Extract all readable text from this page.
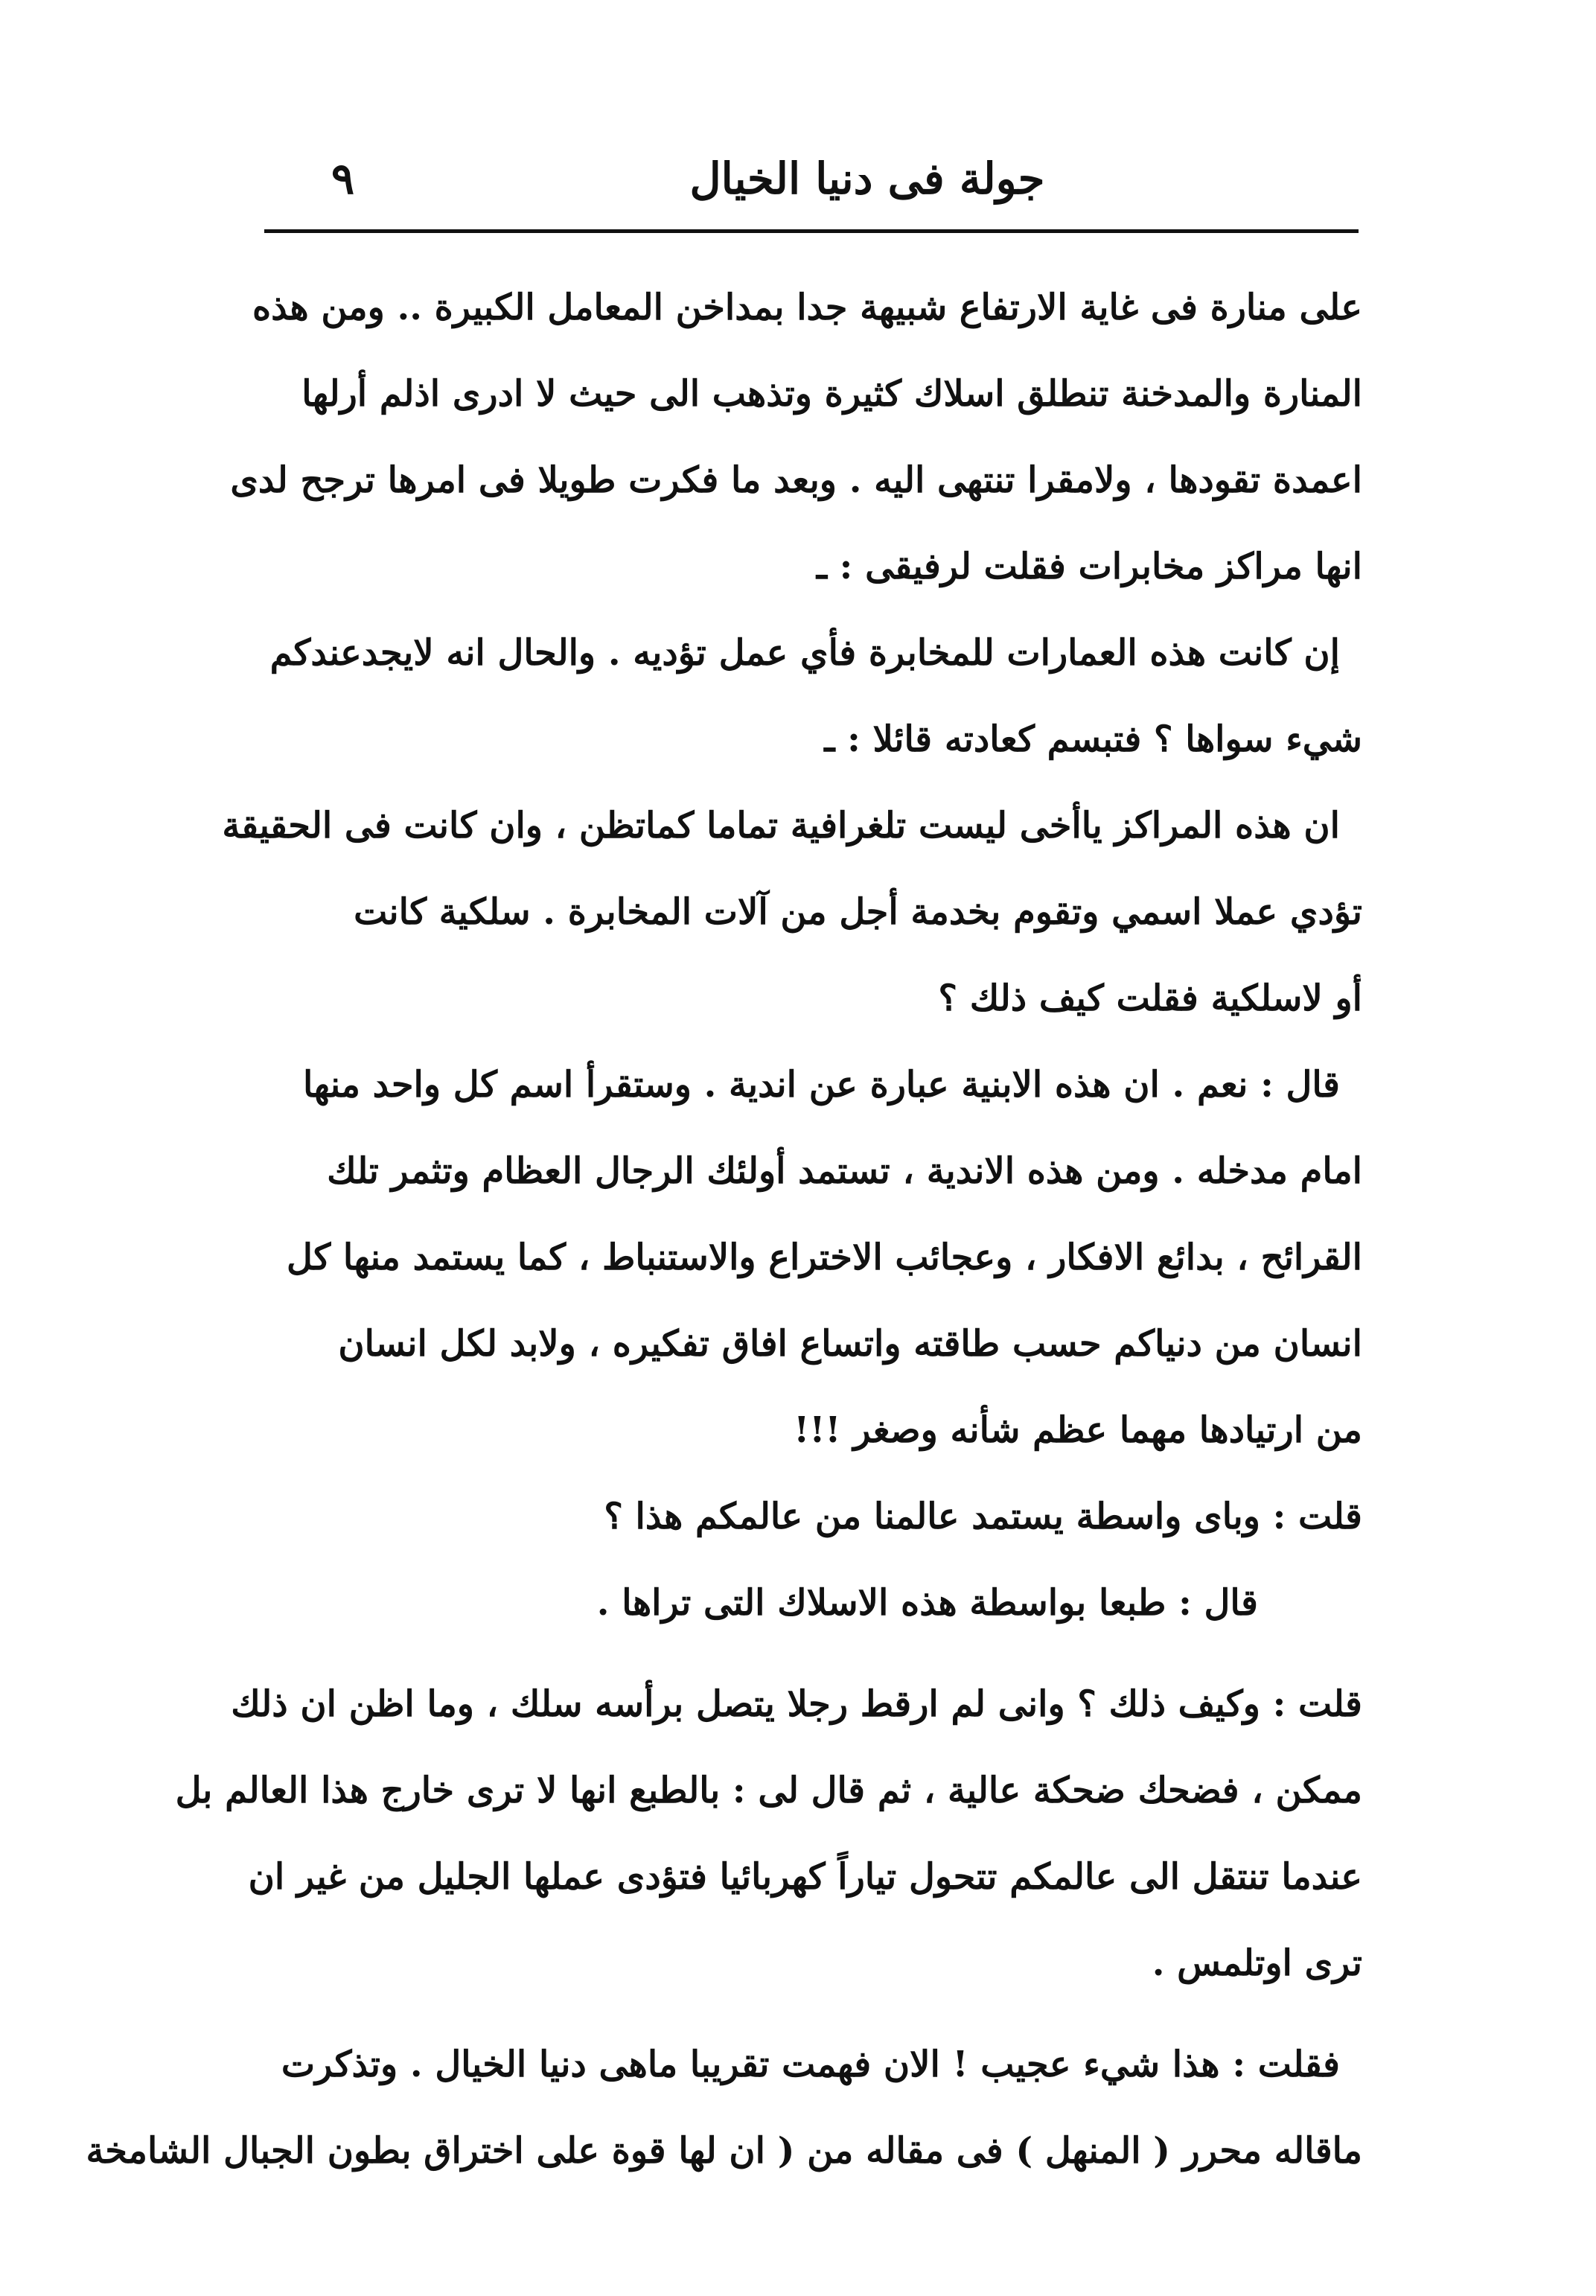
جولة فى دنيا الخيال
٩
على منارة فى غاية الارتفاع شبيهة جدا بمداخن المعامل الكبيرة .. ومن هذه
المنارة والمدخنة تنطلق اسلاك كثيرة وتذهب الى حيث لا ادرى اذلم أرلها
اعمدة تقودها ، ولامقرا تنتهى اليه . وبعد ما فكرت طويلا فى امرها ترجح لدى
انها مراكز مخابرات فقلت لرفيقى : ـ
إن كانت هذه العمارات للمخابرة فأي عمل تؤديه . والحال انه لايجدعندكم
شيء سواها ؟ فتبسم كعادته قائلا : ـ
ان هذه المراكز ياأخى ليست تلغرافية تماما كماتظن ، وان كانت فى الحقيقة
تؤدي عملا اسمي وتقوم بخدمة أجل من آلات المخابرة . سلكية كانت
أو لاسلكية فقلت كيف ذلك ؟
قال : نعم . ان هذه الابنية عبارة عن اندية . وستقرأ اسم كل واحد منها
امام مدخله . ومن هذه الاندية ، تستمد أولئك الرجال العظام وتثمر تلك
القرائح ، بدائع الافكار ، وعجائب الاختراع والاستنباط ، كما يستمد منها كل
انسان من دنياكم حسب طاقته واتساع افاق تفكيره ، ولابد لكل انسان
من ارتيادها مهما عظم شأنه وصغر !!!
قلت : وباى واسطة يستمد عالمنا من عالمكم هذا ؟
قال : طبعا بواسطة هذه الاسلاك التى تراها .
قلت : وكيف ذلك ؟ وانى لم ارقط رجلا يتصل برأسه سلك ، وما اظن ان ذلك
ممكن ، فضحك ضحكة عالية ، ثم قال لى : بالطبع انها لا ترى خارج هذا العالم بل
عندما تنتقل الى عالمكم تتحول تياراً كهربائيا فتؤدى عملها الجليل من غير ان
ترى اوتلمس .
فقلت : هذا شيء عجيب ! الان فهمت تقريبا ماهى دنيا الخيال . وتذكرت
ماقاله محرر ( المنهل ) فى مقاله من ( ان لها قوة على اختراق بطون الجبال الشامخة
